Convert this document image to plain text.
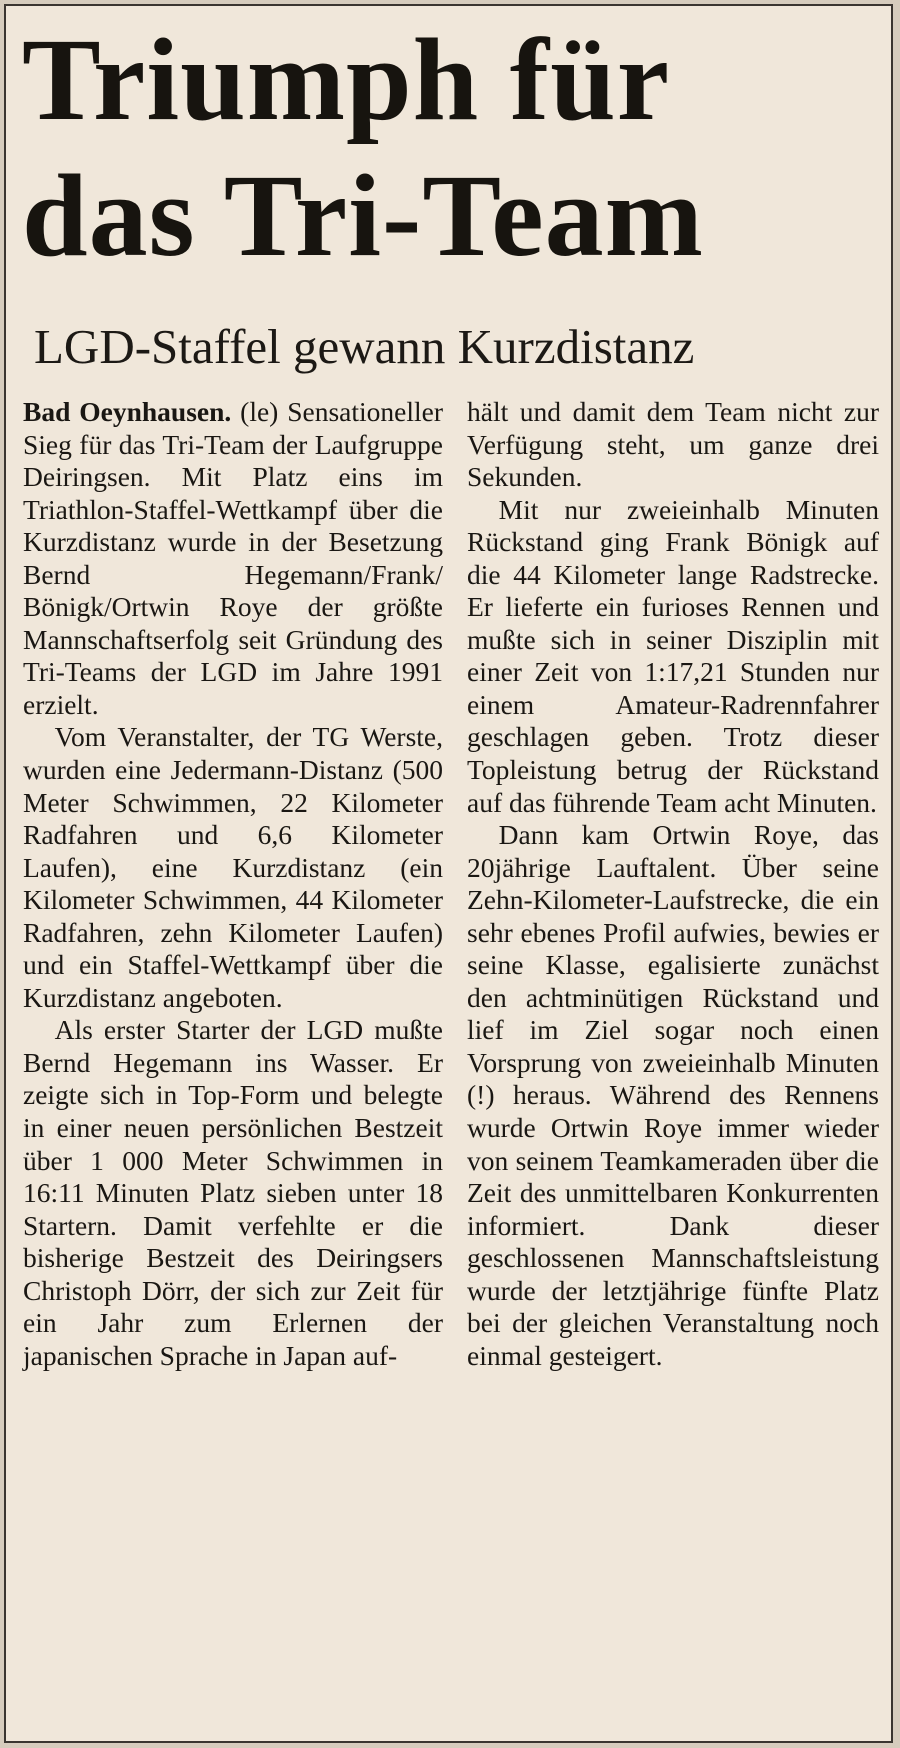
Triumph für
das Tri-Team
LGD-Staffel gewann Kurzdistanz

Bad Oeynhausen. (le) Sensationeller Sieg für das Tri-Team der Laufgruppe Deiringsen. Mit Platz eins im Triathlon-Staffel-Wettkampf über die Kurzdistanz wurde in der Besetzung Bernd Hegemann/Frank/ Bönigk/Ortwin Roye der größte Mannschaftserfolg seit Gründung des Tri-Teams der LGD im Jahre 1991 erzielt.

Vom Veranstalter, der TG Werste, wurden eine Jedermann-Distanz (500 Meter Schwimmen, 22 Kilometer Radfahren und 6,6 Kilometer Laufen), eine Kurzdistanz (ein Kilometer Schwimmen, 44 Kilometer Radfahren, zehn Kilometer Laufen) und ein Staffel-Wettkampf über die Kurzdistanz angeboten.

Als erster Starter der LGD mußte Bernd Hegemann ins Wasser. Er zeigte sich in Top-Form und belegte in einer neuen persönlichen Bestzeit über 1 000 Meter Schwimmen in 16:11 Minuten Platz sieben unter 18 Startern. Damit verfehlte er die bisherige Bestzeit des Deiringsers Christoph Dörr, der sich zur Zeit für ein Jahr zum Erlernen der japanischen Sprache in Japan auf-

hält und damit dem Team nicht zur Verfügung steht, um ganze drei Sekunden.

Mit nur zweieinhalb Minuten Rückstand ging Frank Bönigk auf die 44 Kilometer lange Radstrecke. Er lieferte ein furioses Rennen und mußte sich in seiner Disziplin mit einer Zeit von 1:17,21 Stunden nur einem Amateur-Radrennfahrer geschlagen geben. Trotz dieser Topleistung betrug der Rückstand auf das führende Team acht Minuten.

Dann kam Ortwin Roye, das 20jährige Lauftalent. Über seine Zehn-Kilometer-Laufstrecke, die ein sehr ebenes Profil aufwies, bewies er seine Klasse, egalisierte zunächst den achtminütigen Rückstand und lief im Ziel sogar noch einen Vorsprung von zweieinhalb Minuten (!) heraus. Während des Rennens wurde Ortwin Roye immer wieder von seinem Teamkameraden über die Zeit des unmittelbaren Konkurrenten informiert. Dank dieser geschlossenen Mannschaftsleistung wurde der letztjährige fünfte Platz bei der gleichen Veranstaltung noch einmal gesteigert.
